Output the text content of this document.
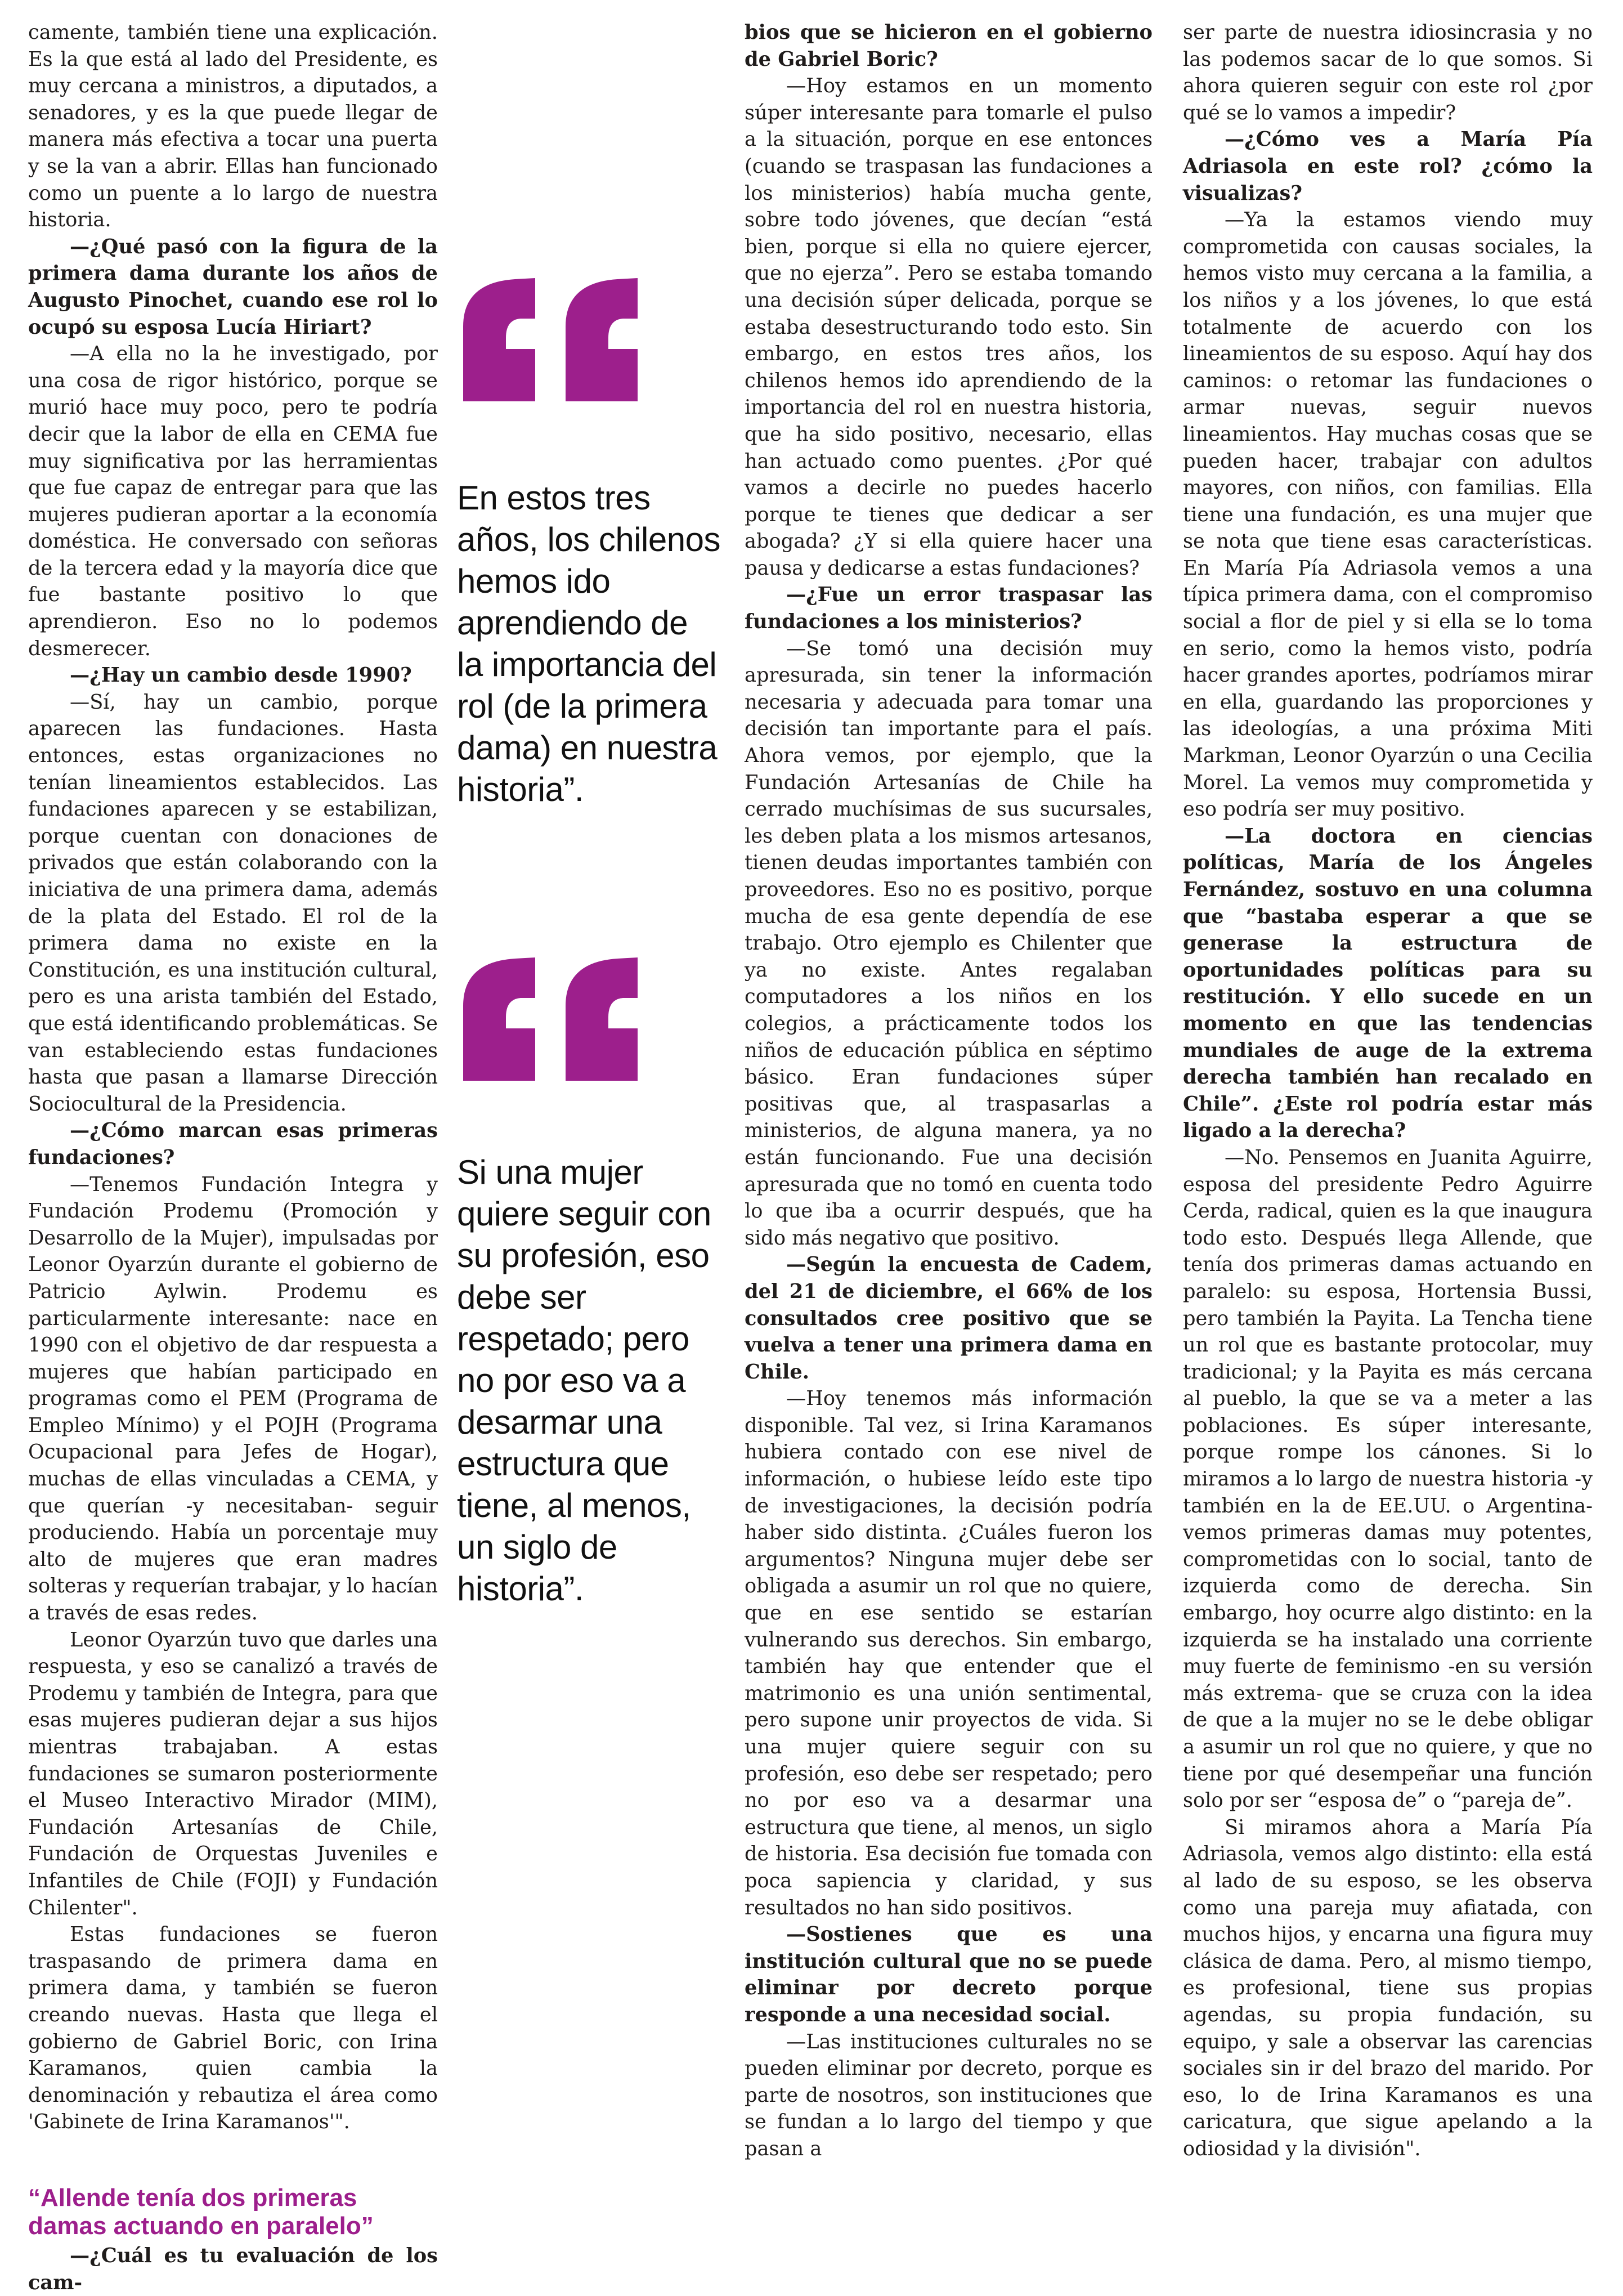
camente, también tiene una explicación. Es la que está al lado del Presidente, es muy cercana a ministros, a diputados, a senadores, y es la que puede llegar de manera más efectiva a tocar una puerta y se la van a abrir. Ellas han funcionado como un puente a lo largo de nuestra historia.

—¿Qué pasó con la figura de la primera dama durante los años de Augusto Pinochet, cuando ese rol lo ocupó su esposa Lucía Hiriart?

—A ella no la he investigado, por una cosa de rigor histórico, porque se murió hace muy poco, pero te podría decir que la labor de ella en CEMA fue muy significativa por las herramientas que fue capaz de entregar para que las mujeres pudieran aportar a la economía doméstica. He conversado con señoras de la tercera edad y la mayoría dice que fue bastante positivo lo que aprendieron. Eso no lo podemos desmerecer.

—¿Hay un cambio desde 1990?

—Sí, hay un cambio, porque aparecen las fundaciones. Hasta entonces, estas organizaciones no tenían lineamientos establecidos. Las fundaciones aparecen y se estabilizan, porque cuentan con donaciones de privados que están colaborando con la iniciativa de una primera dama, además de la plata del Estado. El rol de la primera dama no existe en la Constitución, es una institución cultural, pero es una arista también del Estado, que está identificando problemáticas. Se van estableciendo estas fundaciones hasta que pasan a llamarse Dirección Sociocultural de la Presidencia.

—¿Cómo marcan esas primeras fundaciones?

—Tenemos Fundación Integra y Fundación Prodemu (Promoción y Desarrollo de la Mujer), impulsadas por Leonor Oyarzún durante el gobierno de Patricio Aylwin. Prodemu es particularmente interesante: nace en 1990 con el objetivo de dar respuesta a mujeres que habían participado en programas como el PEM (Programa de Empleo Mínimo) y el POJH (Programa Ocupacional para Jefes de Hogar), muchas de ellas vinculadas a CEMA, y que querían -y necesitaban- seguir produciendo. Había un porcentaje muy alto de mujeres que eran madres solteras y requerían trabajar, y lo hacían a través de esas redes.

Leonor Oyarzún tuvo que darles una respuesta, y eso se canalizó a través de Prodemu y también de Integra, para que esas mujeres pudieran dejar a sus hijos mientras trabajaban. A estas fundaciones se sumaron posteriormente el Museo Interactivo Mirador (MIM), Fundación Artesanías de Chile, Fundación de Orquestas Juveniles e Infantiles de Chile (FOJI) y Fundación Chilenter".

Estas fundaciones se fueron traspasando de primera dama en primera dama, y también se fueron creando nuevas. Hasta que llega el gobierno de Gabriel Boric, con Irina Karamanos, quien cambia la denominación y rebautiza el área como 'Gabinete de Irina Karamanos'".

“Allende tenía dos primeras damas actuando en paralelo”

—¿Cuál es tu evaluación de los cam-

En estos tres años, los chilenos hemos ido aprendiendo de la importancia del rol (de la primera dama) en nuestra historia”.
Si una mujer quiere seguir con su profesión, eso debe ser respetado; pero no por eso va a desarmar una estructura que tiene, al menos, un siglo de historia”.

bios que se hicieron en el gobierno de Gabriel Boric?

—Hoy estamos en un momento súper interesante para tomarle el pulso a la situación, porque en ese entonces (cuando se traspasan las fundaciones a los ministerios) había mucha gente, sobre todo jóvenes, que decían “está bien, porque si ella no quiere ejercer, que no ejerza”. Pero se estaba tomando una decisión súper delicada, porque se estaba desestructurando todo esto. Sin embargo, en estos tres años, los chilenos hemos ido aprendiendo de la importancia del rol en nuestra historia, que ha sido positivo, necesario, ellas han actuado como puentes. ¿Por qué vamos a decirle no puedes hacerlo porque te tienes que dedicar a ser abogada? ¿Y si ella quiere hacer una pausa y dedicarse a estas fundaciones?

—¿Fue un error traspasar las fundaciones a los ministerios?

—Se tomó una decisión muy apresurada, sin tener la información necesaria y adecuada para tomar una decisión tan importante para el país. Ahora vemos, por ejemplo, que la Fundación Artesanías de Chile ha cerrado muchísimas de sus sucursales, les deben plata a los mismos artesanos, tienen deudas importantes también con proveedores. Eso no es positivo, porque mucha de esa gente dependía de ese trabajo. Otro ejemplo es Chilenter que ya no existe. Antes regalaban computadores a los niños en los colegios, a prácticamente todos los niños de educación pública en séptimo básico. Eran fundaciones súper positivas que, al traspasarlas a ministerios, de alguna manera, ya no están funcionando. Fue una decisión apresurada que no tomó en cuenta todo lo que iba a ocurrir después, que ha sido más negativo que positivo.

—Según la encuesta de Cadem, del 21 de diciembre, el 66% de los consultados cree positivo que se vuelva a tener una primera dama en Chile.

—Hoy tenemos más información disponible. Tal vez, si Irina Karamanos hubiera contado con ese nivel de información, o hubiese leído este tipo de investigaciones, la decisión podría haber sido distinta. ¿Cuáles fueron los argumentos? Ninguna mujer debe ser obligada a asumir un rol que no quiere, que en ese sentido se estarían vulnerando sus derechos. Sin embargo, también hay que entender que el matrimonio es una unión sentimental, pero supone unir proyectos de vida. Si una mujer quiere seguir con su profesión, eso debe ser respetado; pero no por eso va a desarmar una estructura que tiene, al menos, un siglo de historia. Esa decisión fue tomada con poca sapiencia y claridad, y sus resultados no han sido positivos.

—Sostienes que es una institución cultural que no se puede eliminar por decreto porque responde a una necesidad social.

—Las instituciones culturales no se pueden eliminar por decreto, porque es parte de nosotros, son instituciones que se fundan a lo largo del tiempo y que pasan a

ser parte de nuestra idiosincrasia y no las podemos sacar de lo que somos. Si ahora quieren seguir con este rol ¿por qué se lo vamos a impedir?

—¿Cómo ves a María Pía Adriasola en este rol? ¿cómo la visualizas?

—Ya la estamos viendo muy comprometida con causas sociales, la hemos visto muy cercana a la familia, a los niños y a los jóvenes, lo que está totalmente de acuerdo con los lineamientos de su esposo. Aquí hay dos caminos: o retomar las fundaciones o armar nuevas, seguir nuevos lineamientos. Hay muchas cosas que se pueden hacer, trabajar con adultos mayores, con niños, con familias. Ella tiene una fundación, es una mujer que se nota que tiene esas características. En María Pía Adriasola vemos a una típica primera dama, con el compromiso social a flor de piel y si ella se lo toma en serio, como la hemos visto, podría hacer grandes aportes, podríamos mirar en ella, guardando las proporciones y las ideologías, a una próxima Miti Markman, Leonor Oyarzún o una Cecilia Morel. La vemos muy comprometida y eso podría ser muy positivo.

—La doctora en ciencias políticas, María de los Ángeles Fernández, sostuvo en una columna que “bastaba esperar a que se generase la estructura de oportunidades políticas para su restitución. Y ello sucede en un momento en que las tendencias mundiales de auge de la extrema derecha también han recalado en Chile”. ¿Este rol podría estar más ligado a la derecha?

—No. Pensemos en Juanita Aguirre, esposa del presidente Pedro Aguirre Cerda, radical, quien es la que inaugura todo esto. Después llega Allende, que tenía dos primeras damas actuando en paralelo: su esposa, Hortensia Bussi, pero también la Payita. La Tencha tiene un rol que es bastante protocolar, muy tradicional; y la Payita es más cercana al pueblo, la que se va a meter a las poblaciones. Es súper interesante, porque rompe los cánones. Si lo miramos a lo largo de nuestra historia -y también en la de EE.UU. o Argentina- vemos primeras damas muy potentes, comprometidas con lo social, tanto de izquierda como de derecha. Sin embargo, hoy ocurre algo distinto: en la izquierda se ha instalado una corriente muy fuerte de feminismo -en su versión más extrema- que se cruza con la idea de que a la mujer no se le debe obligar a asumir un rol que no quiere, y que no tiene por qué desempeñar una función solo por ser “esposa de” o “pareja de”.

Si miramos ahora a María Pía Adriasola, vemos algo distinto: ella está al lado de su esposo, se les observa como una pareja muy afiatada, con muchos hijos, y encarna una figura muy clásica de dama. Pero, al mismo tiempo, es profesional, tiene sus propias agendas, su propia fundación, su equipo, y sale a observar las carencias sociales sin ir del brazo del marido. Por eso, lo de Irina Karamanos es una caricatura, que sigue apelando a la odiosidad y la división".
